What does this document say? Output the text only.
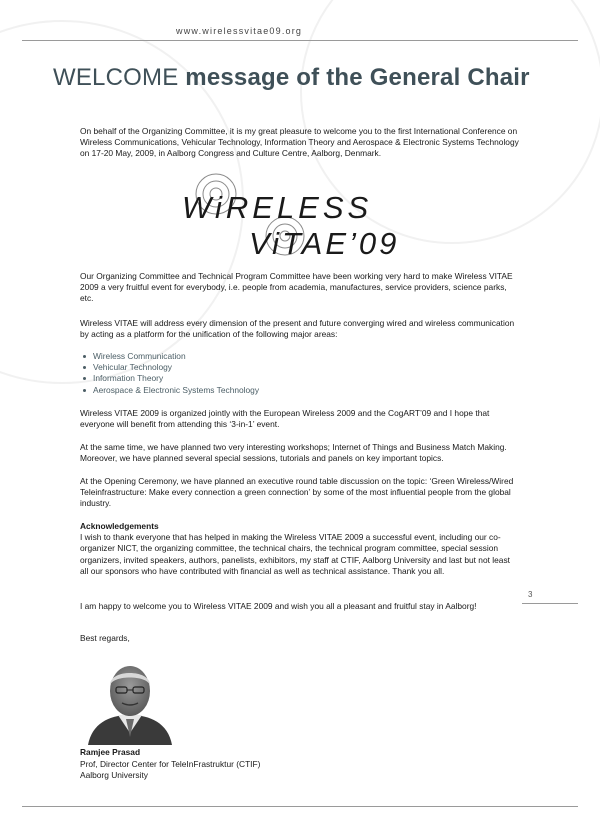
www.wirelessvitae09.org
WELCOME message of the General Chair

On behalf of the Organizing Committee, it is my great pleasure to welcome you to the first International Conference on Wireless Communications, Vehicular Technology, Information Theory and Aerospace & Electronic Systems Technology on 17-20 May, 2009, in Aalborg Congress and Culture Centre, Aalborg, Denmark.

WiRELESS
ViTAE’09

Our Organizing Committee and Technical Program Committee have been working very hard to make Wireless VITAE 2009 a very fruitful event for everybody, i.e. people from academia, manufactures, service providers, science parks, etc.

Wireless VITAE will address every dimension of the present and future converging wired and wireless communication by acting as a platform for the unification of the following major areas:

Wireless Communication
Vehicular Technology
Information Theory
Aerospace & Electronic Systems Technology

Wireless VITAE 2009 is organized jointly with the European Wireless 2009 and the CogART’09 and I hope that everyone will benefit from attending this ‘3-in-1’ event.

At the same time, we have planned two very interesting workshops; Internet of Things and Business Match Making. Moreover, we have planned several special sessions, tutorials and panels on key important topics.

At the Opening Ceremony, we have planned an executive round table discussion on the topic: ‘Green Wireless/Wired Teleinfrastructure: Make every connection a green connection’ by some of the most influential people from the global industry.

Acknowledgements

I wish to thank everyone that has helped in making the Wireless VITAE 2009 a successful event, including our co-organizer NICT, the organizing committee, the technical chairs, the technical program committee, special session organizers, invited speakers, authors, panelists, exhibitors, my staff at CTIF, Aalborg University and last but not least all our sponsors who have contributed with financial as well as technical assistance. Thank you all.

I am happy to welcome you to Wireless VITAE 2009 and wish you all a pleasant and fruitful stay in Aalborg!

3

Best regards,

Ramjee Prasad
Prof, Director Center for TeleInFrastruktur (CTIF)
Aalborg University
